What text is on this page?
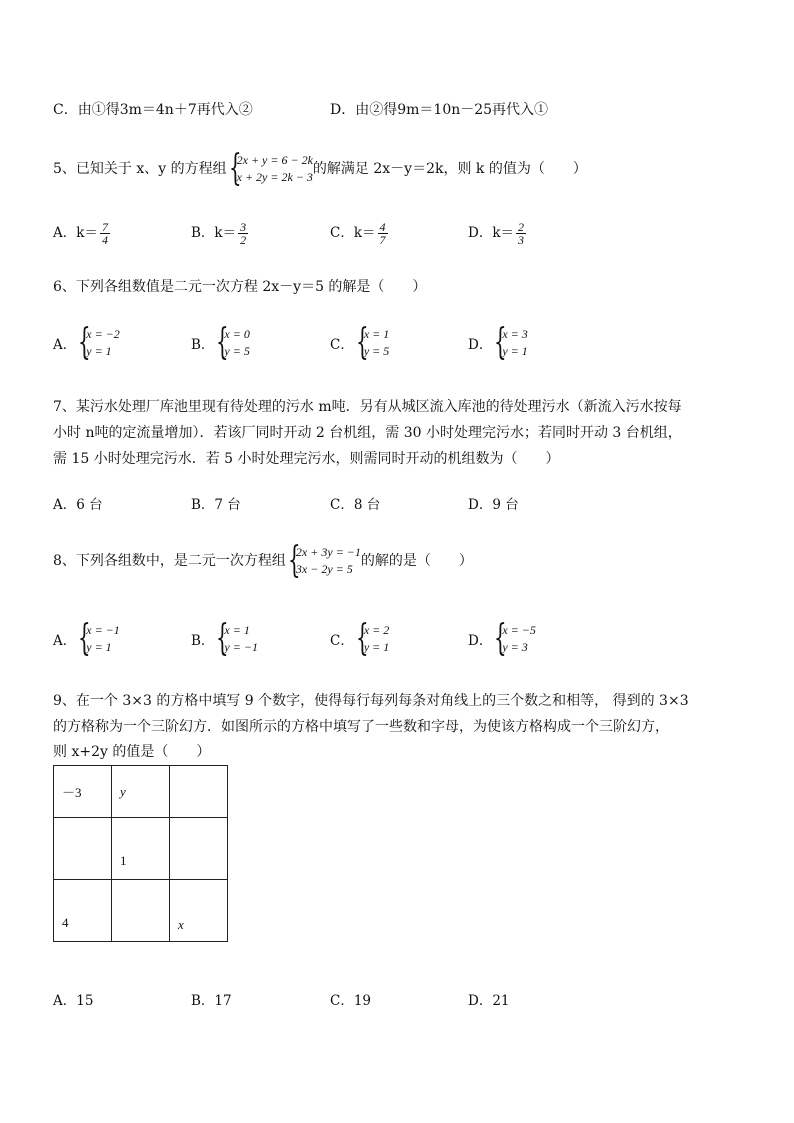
C．由①得3m＝4n＋7再代入②	D．由②得9m＝10n－25再代入①
5、已知关于 x、y 的方程组 {
2x + y = 6 − 2k
x + 2y = 2k − 3 的解满足 2x－y＝2k，则 k 的值为（　　）
A．$k= \frac{7}{4}$	B．$k= \frac{3}{2}$	C．$k= \frac{4}{7}$	D．$k= \frac{2}{3}$
6、下列各组数值是二元一次方程 2x－y＝5 的解是（　　）
A． {
x = −2
y = 1	B． {
x = 0
y = 5	C． {
x = 1
y = 5	D． {
x = 3
y = 1
7、某污水处理厂库池里现有待处理的污水 m吨．另有从城区流入库池的待处理污水（新流入污水按每
小时 n吨的定流量增加）．若该厂同时开动 2 台机组，需 30 小时处理完污水；若同时开动 3 台机组，
需 15 小时处理完污水．若 5 小时处理完污水，则需同时开动的机组数为（　　）
A．6 台	B．7 台	C．8 台	D．9 台
8、下列各组数中，是二元一次方程组 {
2x + 3y = −1
3x − 2y = 5 的解的是（　　）
A． {
x = −1
y = 1	B． {
x = 1
y = −1	C． {
x = 2
y = 1	D． {
x = −5
y = 3
9、在一个 3×3 的方格中填写 9 个数字，使得每行每列每条对角线上的三个数之和相等， 得到的 3×3
的方格称为一个三阶幻方．如图所示的方格中填写了一些数和字母，为使该方格构成一个三阶幻方，
则 x+2y 的值是（　　）
－3	y	
	1	
4		x
A．15	B．17	C．19	D．21
